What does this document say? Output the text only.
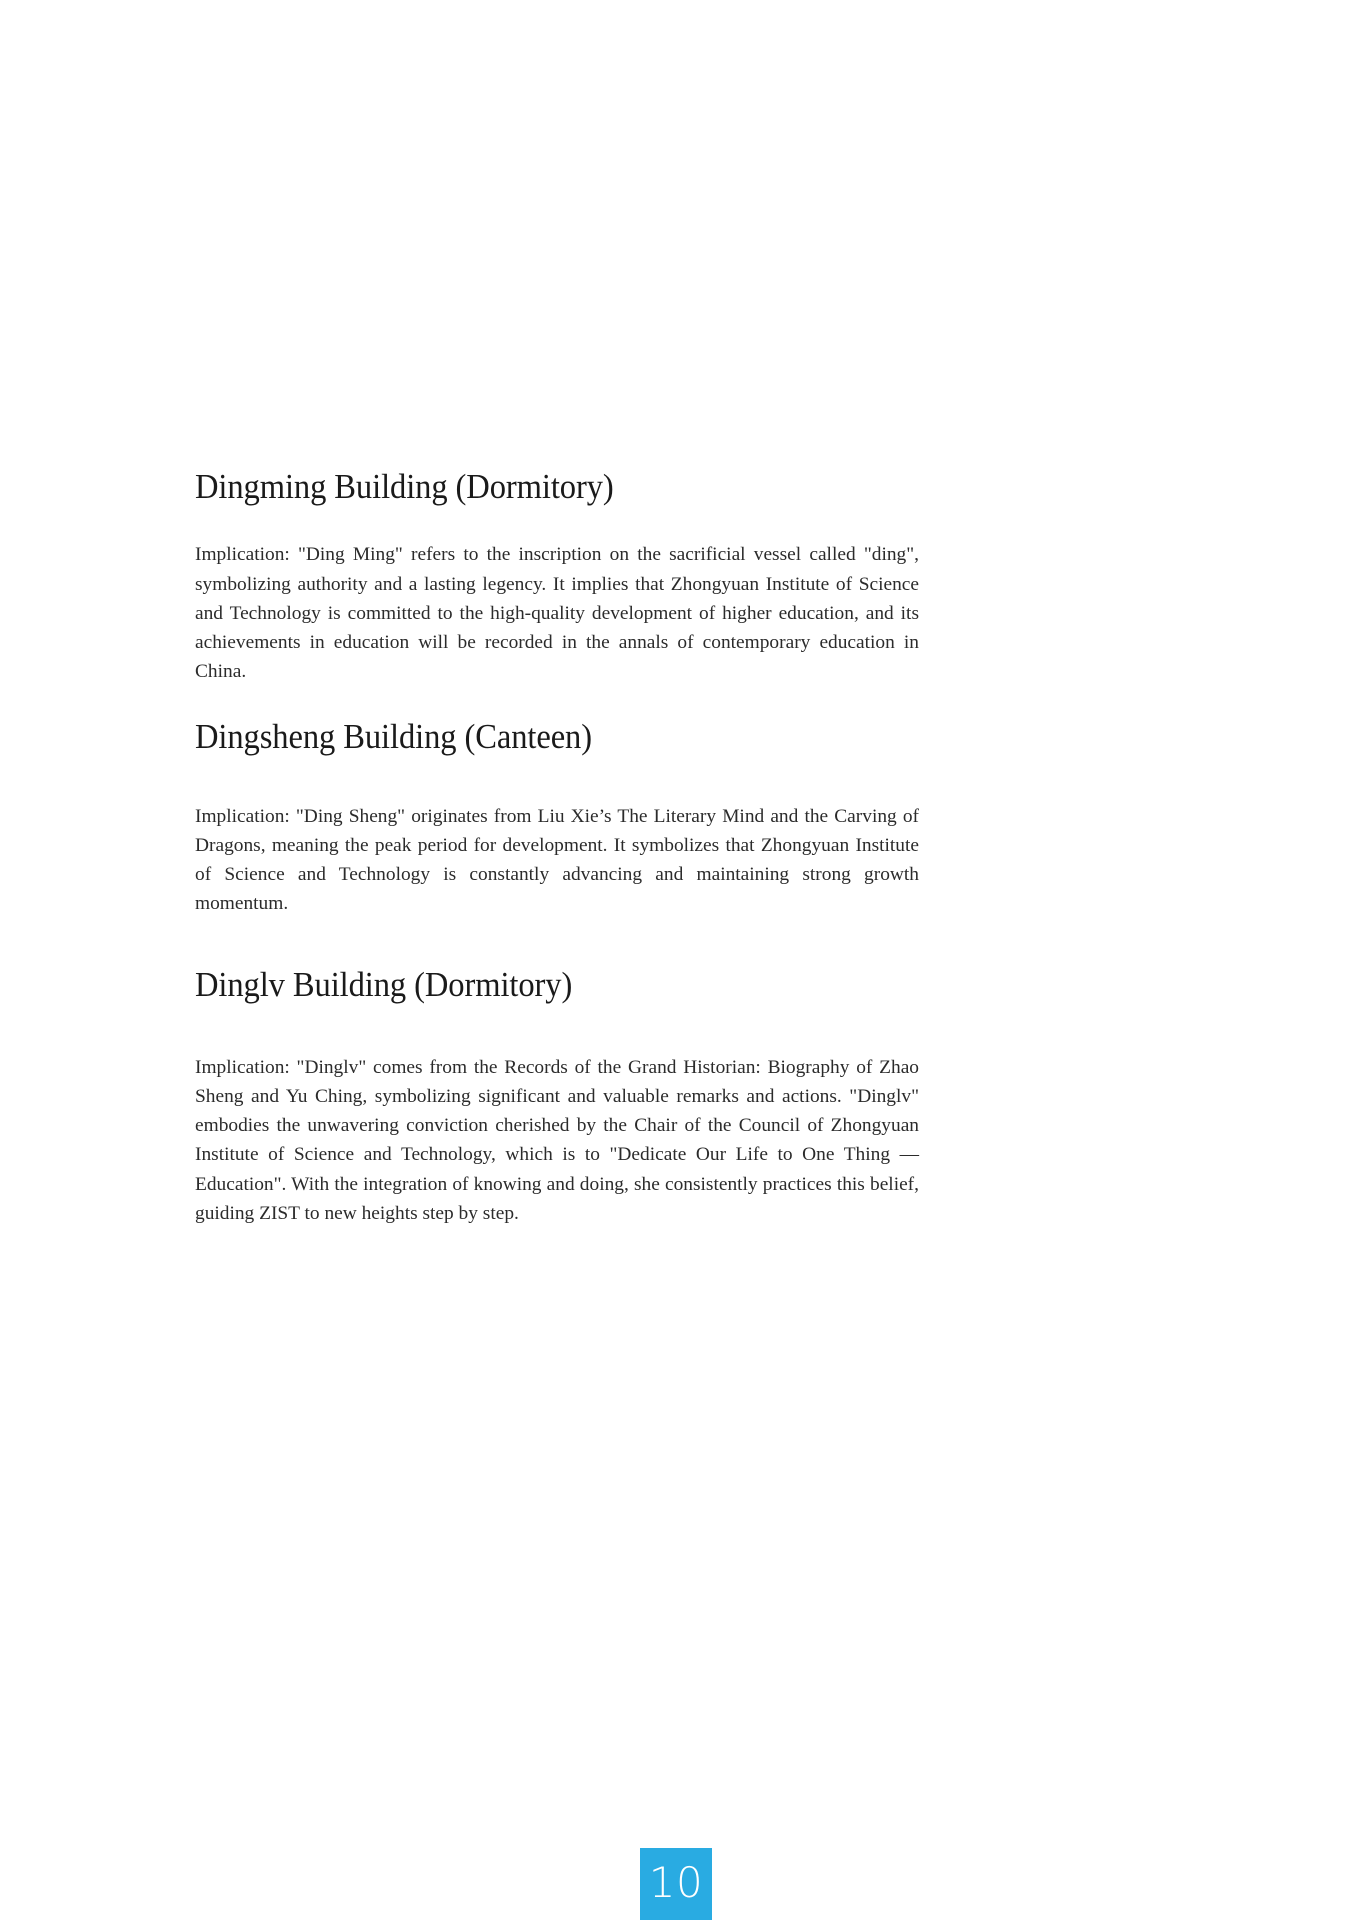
Dingming Building (Dormitory)

Implication: "Ding Ming" refers to the inscription on the sacrificial vessel called "ding", symbolizing authority and a lasting legency. It implies that Zhongyuan Institute of Science and Technology is committed to the high-quality development of higher education, and its achievements in education will be recorded in the annals of contemporary education in China.

Dingsheng Building (Canteen)

Implication: "Ding Sheng" originates from Liu Xie’s The Literary Mind and the Carving of Dragons, meaning the peak period for development. It symbolizes that Zhongyuan Institute of Science and Technology is constantly advancing and maintaining strong growth momentum.

Dinglv Building (Dormitory)

Implication: "Dinglv" comes from the Records of the Grand Historian: Biography of Zhao Sheng and Yu Ching, symbolizing significant and valuable remarks and actions. "Dinglv" embodies the unwavering conviction cherished by the Chair of the Council of Zhongyuan Institute of Science and Technology, which is to "Dedicate Our Life to One Thing — Education". With the integration of knowing and doing, she consistently practices this belief, guiding ZIST to new heights step by step.

10
